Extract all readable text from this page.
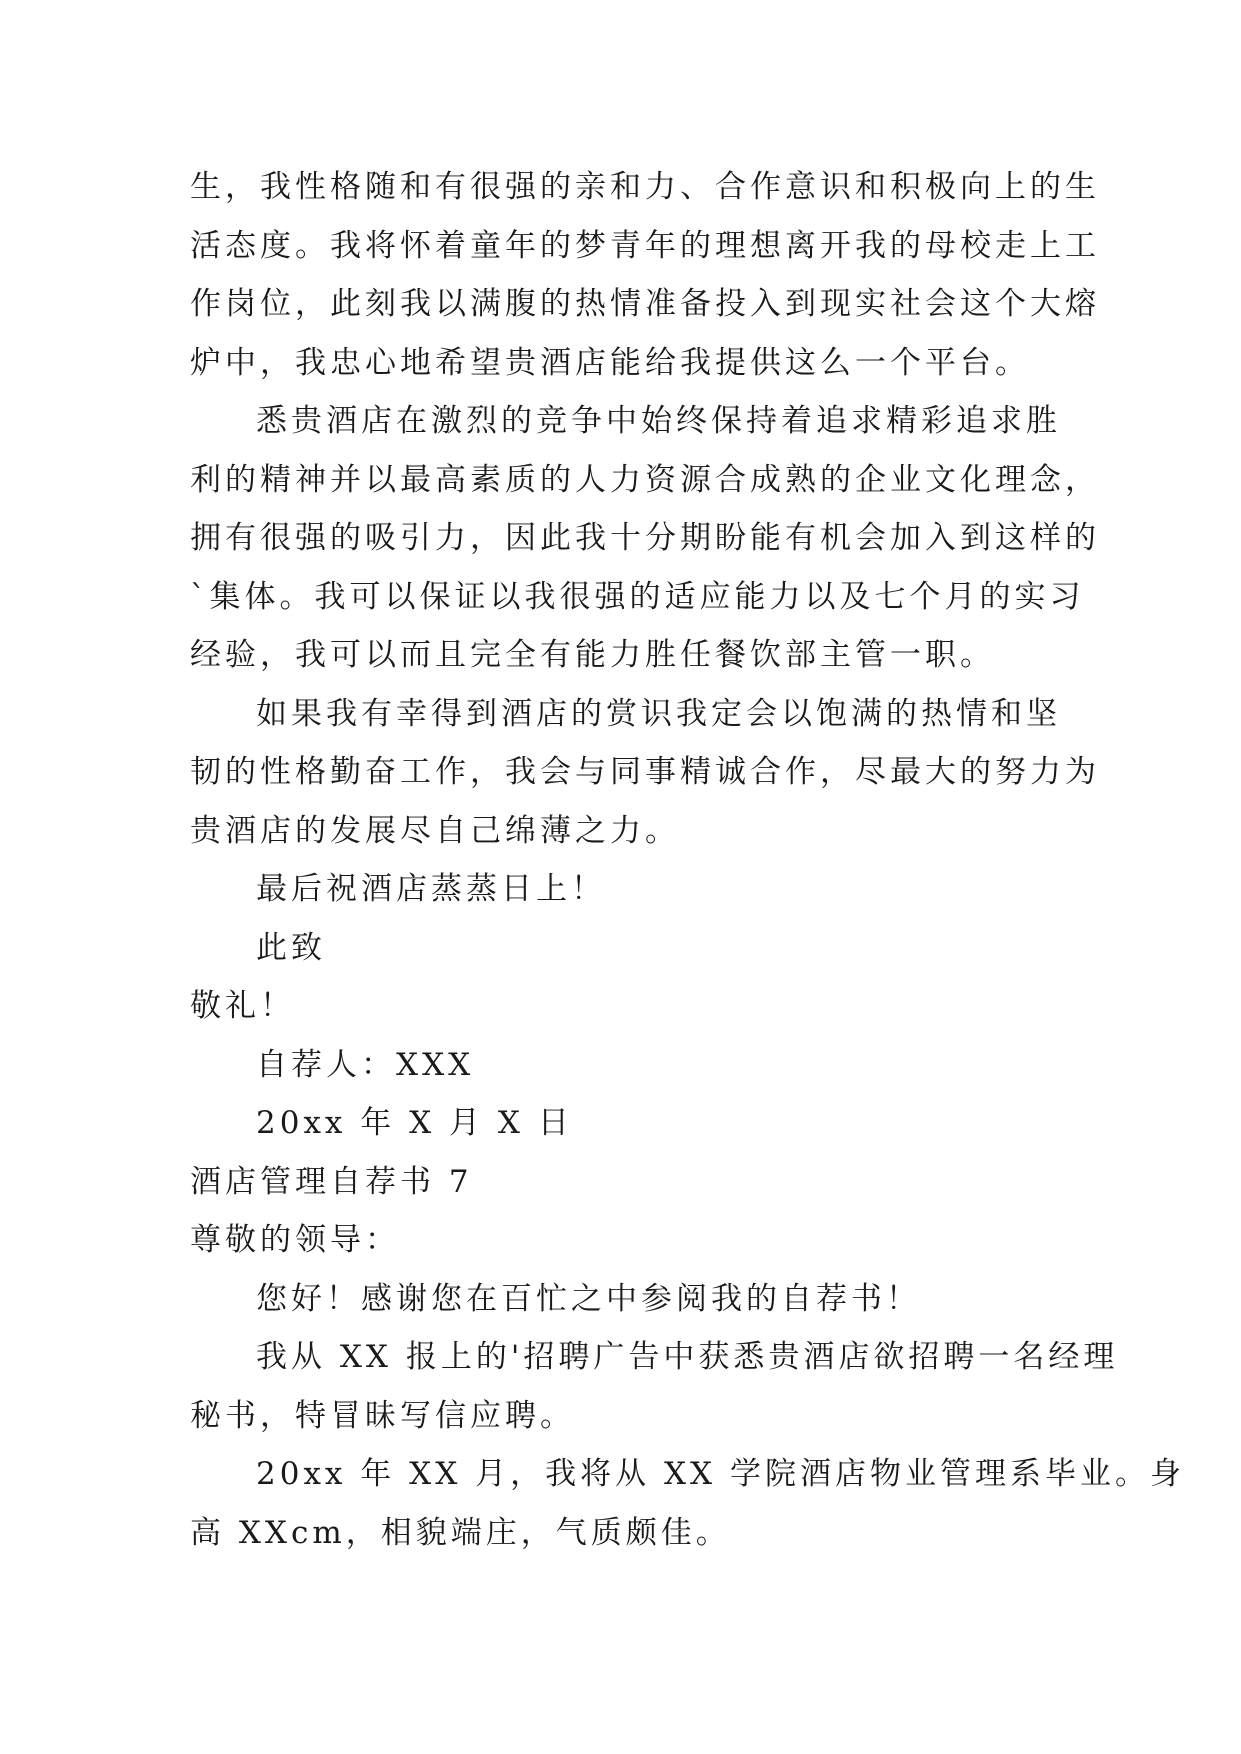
生，我性格随和有很强的亲和力、合作意识和积极向上的生
活态度。我将怀着童年的梦青年的理想离开我的母校走上工
作岗位，此刻我以满腹的热情准备投入到现实社会这个大熔
炉中，我忠心地希望贵酒店能给我提供这么一个平台。
悉贵酒店在激烈的竞争中始终保持着追求精彩追求胜
利的精神并以最高素质的人力资源合成熟的企业文化理念，
拥有很强的吸引力，因此我十分期盼能有机会加入到这样的
`集体。我可以保证以我很强的适应能力以及七个月的实习
经验，我可以而且完全有能力胜任餐饮部主管一职。
如果我有幸得到酒店的赏识我定会以饱满的热情和坚
韧的性格勤奋工作，我会与同事精诚合作，尽最大的努力为
贵酒店的发展尽自己绵薄之力。
最后祝酒店蒸蒸日上！
此致
敬礼！
自荐人：XXX
20xx 年 X 月 X 日
酒店管理自荐书 7
尊敬的领导：
您好！感谢您在百忙之中参阅我的自荐书！
我从 XX 报上的'招聘广告中获悉贵酒店欲招聘一名经理
秘书，特冒昧写信应聘。
20xx 年 XX 月，我将从 XX 学院酒店物业管理系毕业。身
高 XXcm，相貌端庄，气质颇佳。
